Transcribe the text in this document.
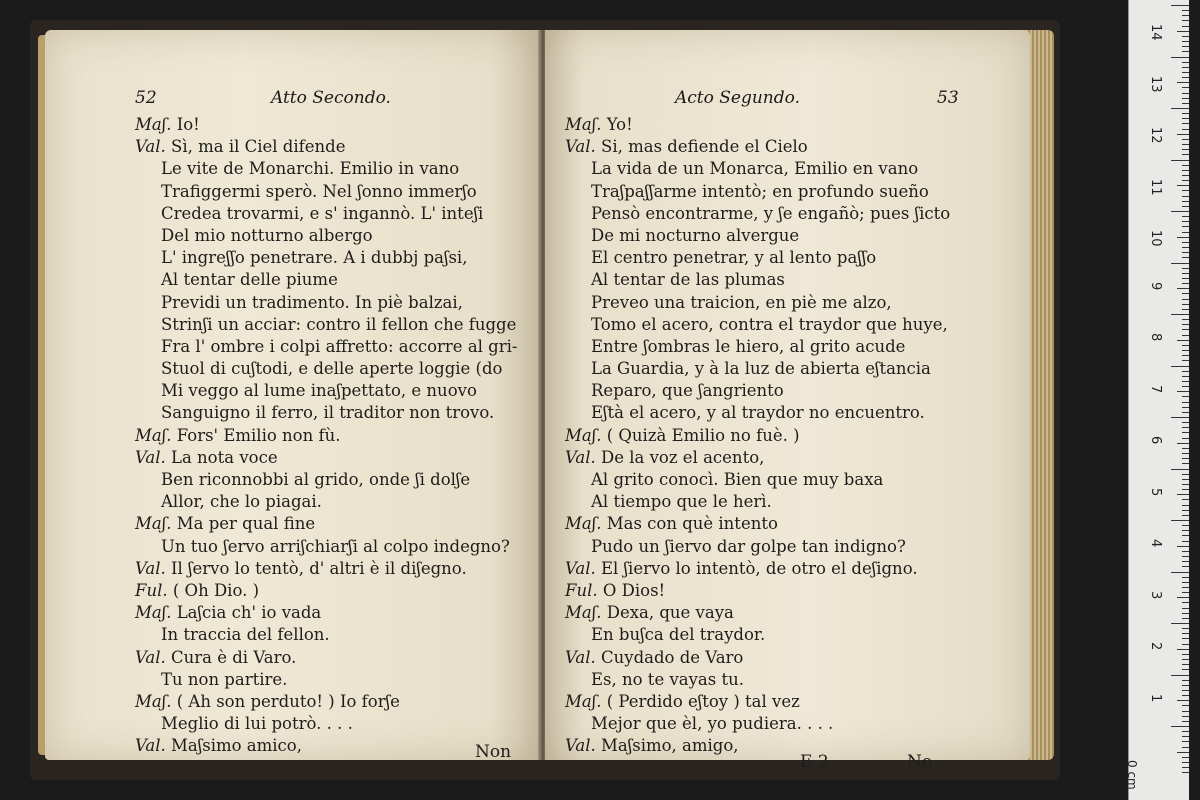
52	Atto Secondo.
Maʃ. Io!
Val. Sì, ma il Ciel difende
Le vite de Monarchi. Emilio in vano
Trafiggermi sperò. Nel ʃonno immerʃo
Credea trovarmi, e s' ingannò. L' inteʃi
Del mio notturno albergo
L' ingreʃʃo penetrare. A i dubbj paʃsi,
Al tentar delle piume
Previdi un tradimento. In piè balzai,
Strinʃi un acciar: contro il fellon che fugge
Fra l' ombre i colpi affretto: accorre al gri-
Stuol di cuʃtodi, e delle aperte loggie (do
Mi veggo al lume inaʃpettato, e nuovo
Sanguigno il ferro, il traditor non trovo.
Maʃ. Fors' Emilio non fù.
Val. La nota voce
Ben riconnobbi al grido, onde ʃi dolʃe
Allor, che lo piagai.
Maʃ. Ma per qual fine
Un tuo ʃervo arriʃchiarʃi al colpo indegno?
Val. Il ʃervo lo tentò, d' altri è il diʃegno.
Ful. ( Oh Dio. )
Maʃ. Laʃcia ch' io vada
In traccia del fellon.
Val. Cura è di Varo.
Tu non partire.
Maʃ. ( Ah son perduto! ) Io forʃe
Meglio di lui potrò. . . .
Val. Maʃsimo amico,	Non
Acto Segundo.	53
Maʃ. Yo!
Val. Si, mas defiende el Cielo
La vida de un Monarca, Emilio en vano
Traʃpaʃʃarme intentò; en profundo sueño
Pensò encontrarme, y ʃe engañò; pues ʃicto
De mi nocturno alvergue
El centro penetrar, y al lento paʃʃo
Al tentar de las plumas
Preveo una traicion, en piè me alzo,
Tomo el acero, contra el traydor que huye,
Entre ʃombras le hiero, al grito acude
La Guardia, y à la luz de abierta eʃtancia
Reparo, que ʃangriento
Eʃtà el acero, y al traydor no encuentro.
Maʃ. ( Quizà Emilio no fuè. )
Val. De la voz el acento,
Al grito conocì. Bien que muy baxa
Al tiempo que le herì.
Maʃ. Mas con què intento
Pudo un ʃiervo dar golpe tan indigno?
Val. El ʃiervo lo intentò, de otro el deʃigno.
Ful. O Dios!
Maʃ. Dexa, que vaya
En buʃca del traydor.
Val. Cuydado de Varo
Es, no te vayas tu.
Maʃ. ( Perdido eʃtoy ) tal vez
Mejor que èl, yo pudiera. . . .
Val. Maʃsimo, amigo,
E 2	No	0 cm
14
13
12
11
10
9
8
7
6
5
4
3
2
1
